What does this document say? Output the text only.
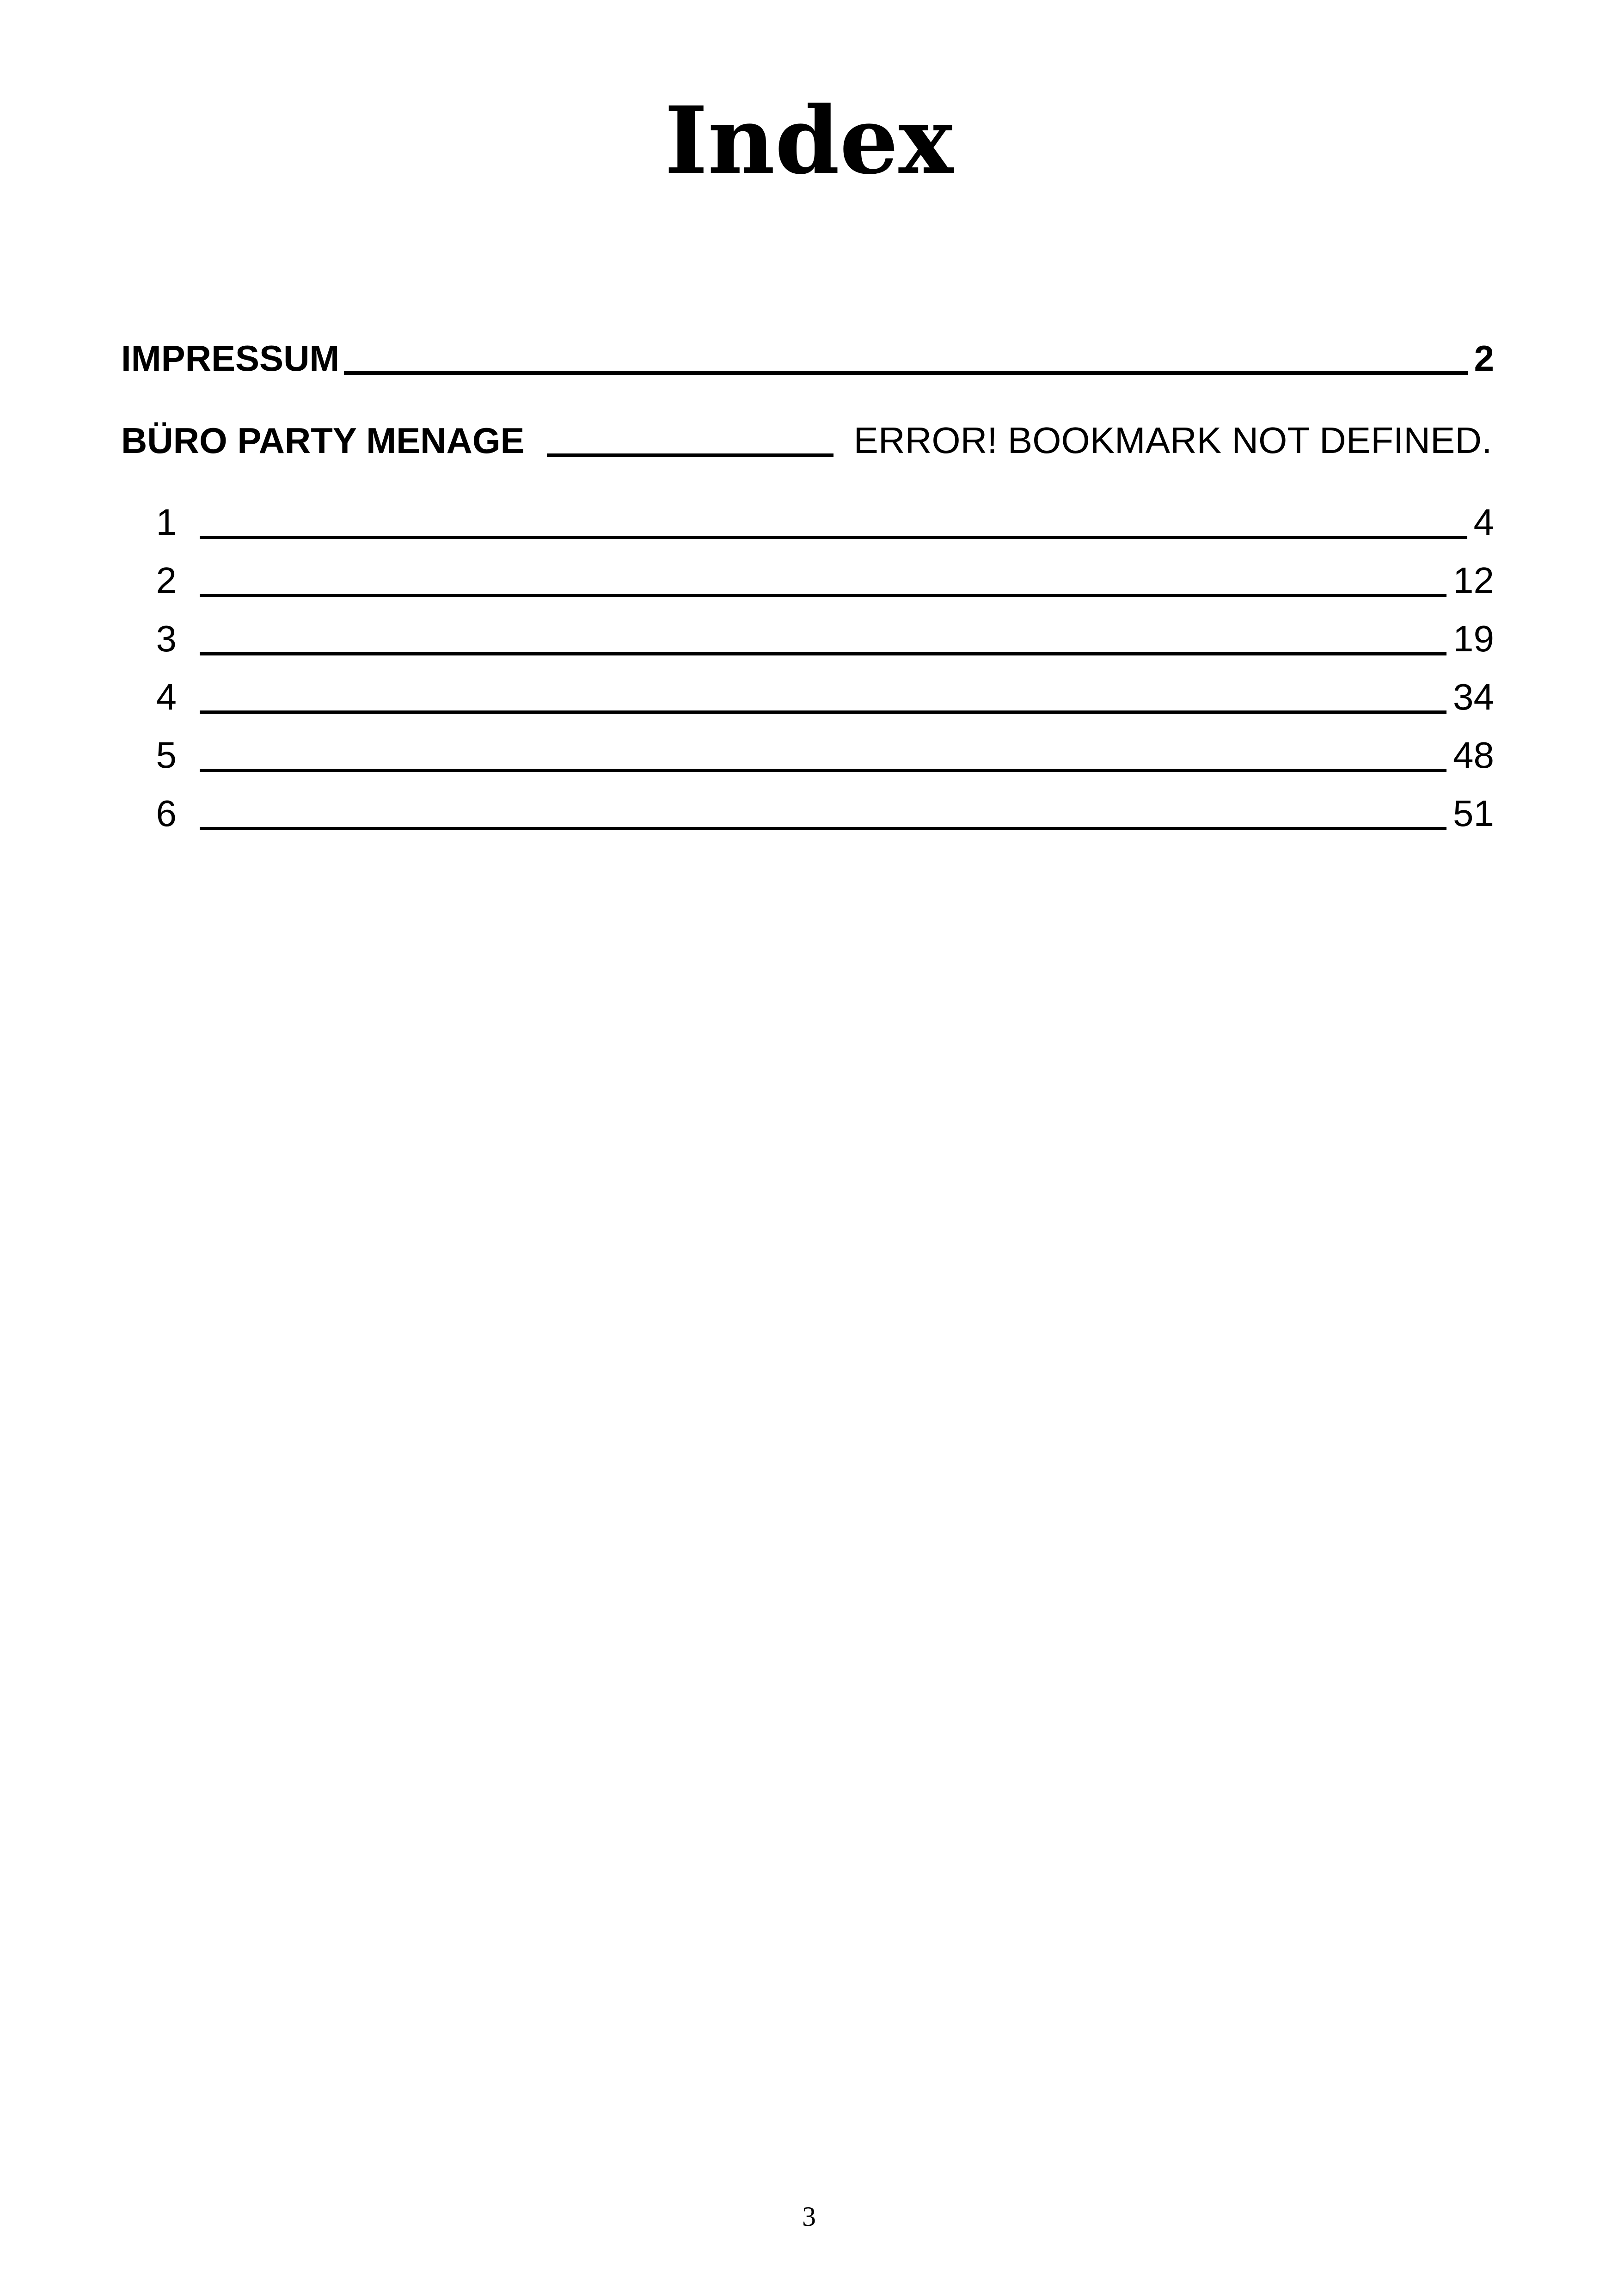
Index
IMPRESSUM	2
BÜRO PARTY MENAGE	ERROR! BOOKMARK NOT DEFINED.
1	4
2	12
3	19
4	34
5	48
6	51
3
